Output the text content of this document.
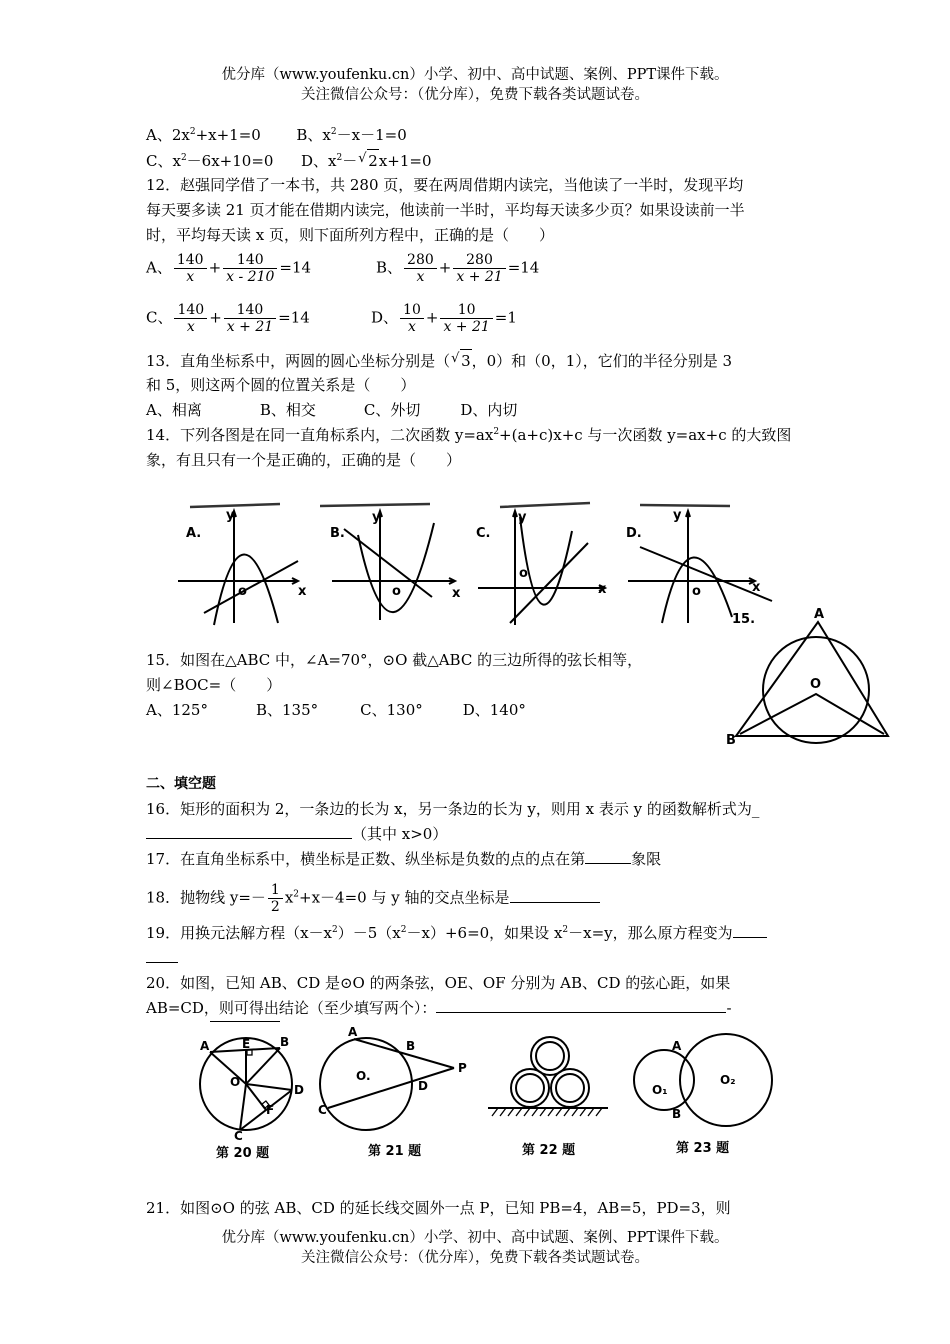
优分库（www.youfenku.cn）小学、初中、高中试题、案例、PPT课件下载。
关注微信公众号：（优分库），免费下载各类试题试卷。
A、$2x^2+x+1=0$ B、$x^2-x-1=0$
C、$x^2-6x+10=0$ D、$x^2-√$ 2x+1=0
12．赵强同学借了一本书，共 280 页，要在两周借期内读完，当他读了一半时，发现平均
每天要多读 21 页才能在借期内读完，他读前一半时，平均每天读多少页？如果设读前一半
时，平均每天读 x 页，则下面所列方程中，正确的是（　　）
A、 $\frac{140}{x} + \frac{140}{x - 210} =14$	B、 $\frac{280}{x} + \frac{280}{x + 21} =14$
C、 $\frac{140}{x} + \frac{140}{x + 21} =14$	D、 $\frac{10}{x} + \frac{10}{x + 21} =1$
13．直角坐标系中，两圆的圆心坐标分别是（√ 3，0）和（0，1），它们的半径分别是 3
和 5，则这两个圆的位置关系是（　　）
A、相离	B、相交	C、外切	D、内切
14．下列各图是在同一直角标系内，二次函数 $y=ax^2+(a+c)x+c$ 与一次函数 y=ax+c 的大致图
象，有且只有一个是正确的，正确的是（　　）
A.
y
x
o
B.
y
x
o
C.
y
x
o
D.
y
x
o
15.
15．如图在△ABC 中，∠A=70°，⊙O 截△ABC 的三边所得的弦长相等，
则∠BOC=（　　）
A、125°	B、135°	C、130°	D、140°
A
O
B
二、填空题
16．矩形的面积为 2，一条边的长为 x，另一条边的长为 y，则用 x 表示 y 的函数解析式为_
（其中 x>0）
17．在直角坐标系中，横坐标是正数、纵坐标是负数的点的点在第	象限
18．抛物线 $y=- \frac{1}{2} x^2+x-4=0$ 与 y 轴的交点坐标是
19．用换元法解方程$(x-x^2)-5(x^2-x)+6=0$，如果设 $x^2-x=y$，那么原方程变为
20．如图，已知 AB、CD 是⊙O 的两条弦，OE、OF 分别为 AB、CD 的弦心距，如果
AB=CD，则可得出结论（至少填写两个）：	-
A	E B
O
D
F
C
A
B
P
O.
D
C
A
B
O₁
O₂
第 20 题	第 21 题	第 22 题	第 23 题
21．如图⊙O 的弦 AB、CD 的延长线交圆外一点 P，已知 PB=4，AB=5，PD=3，则
优分库（www.youfenku.cn）小学、初中、高中试题、案例、PPT课件下载。
关注微信公众号：（优分库），免费下载各类试题试卷。
